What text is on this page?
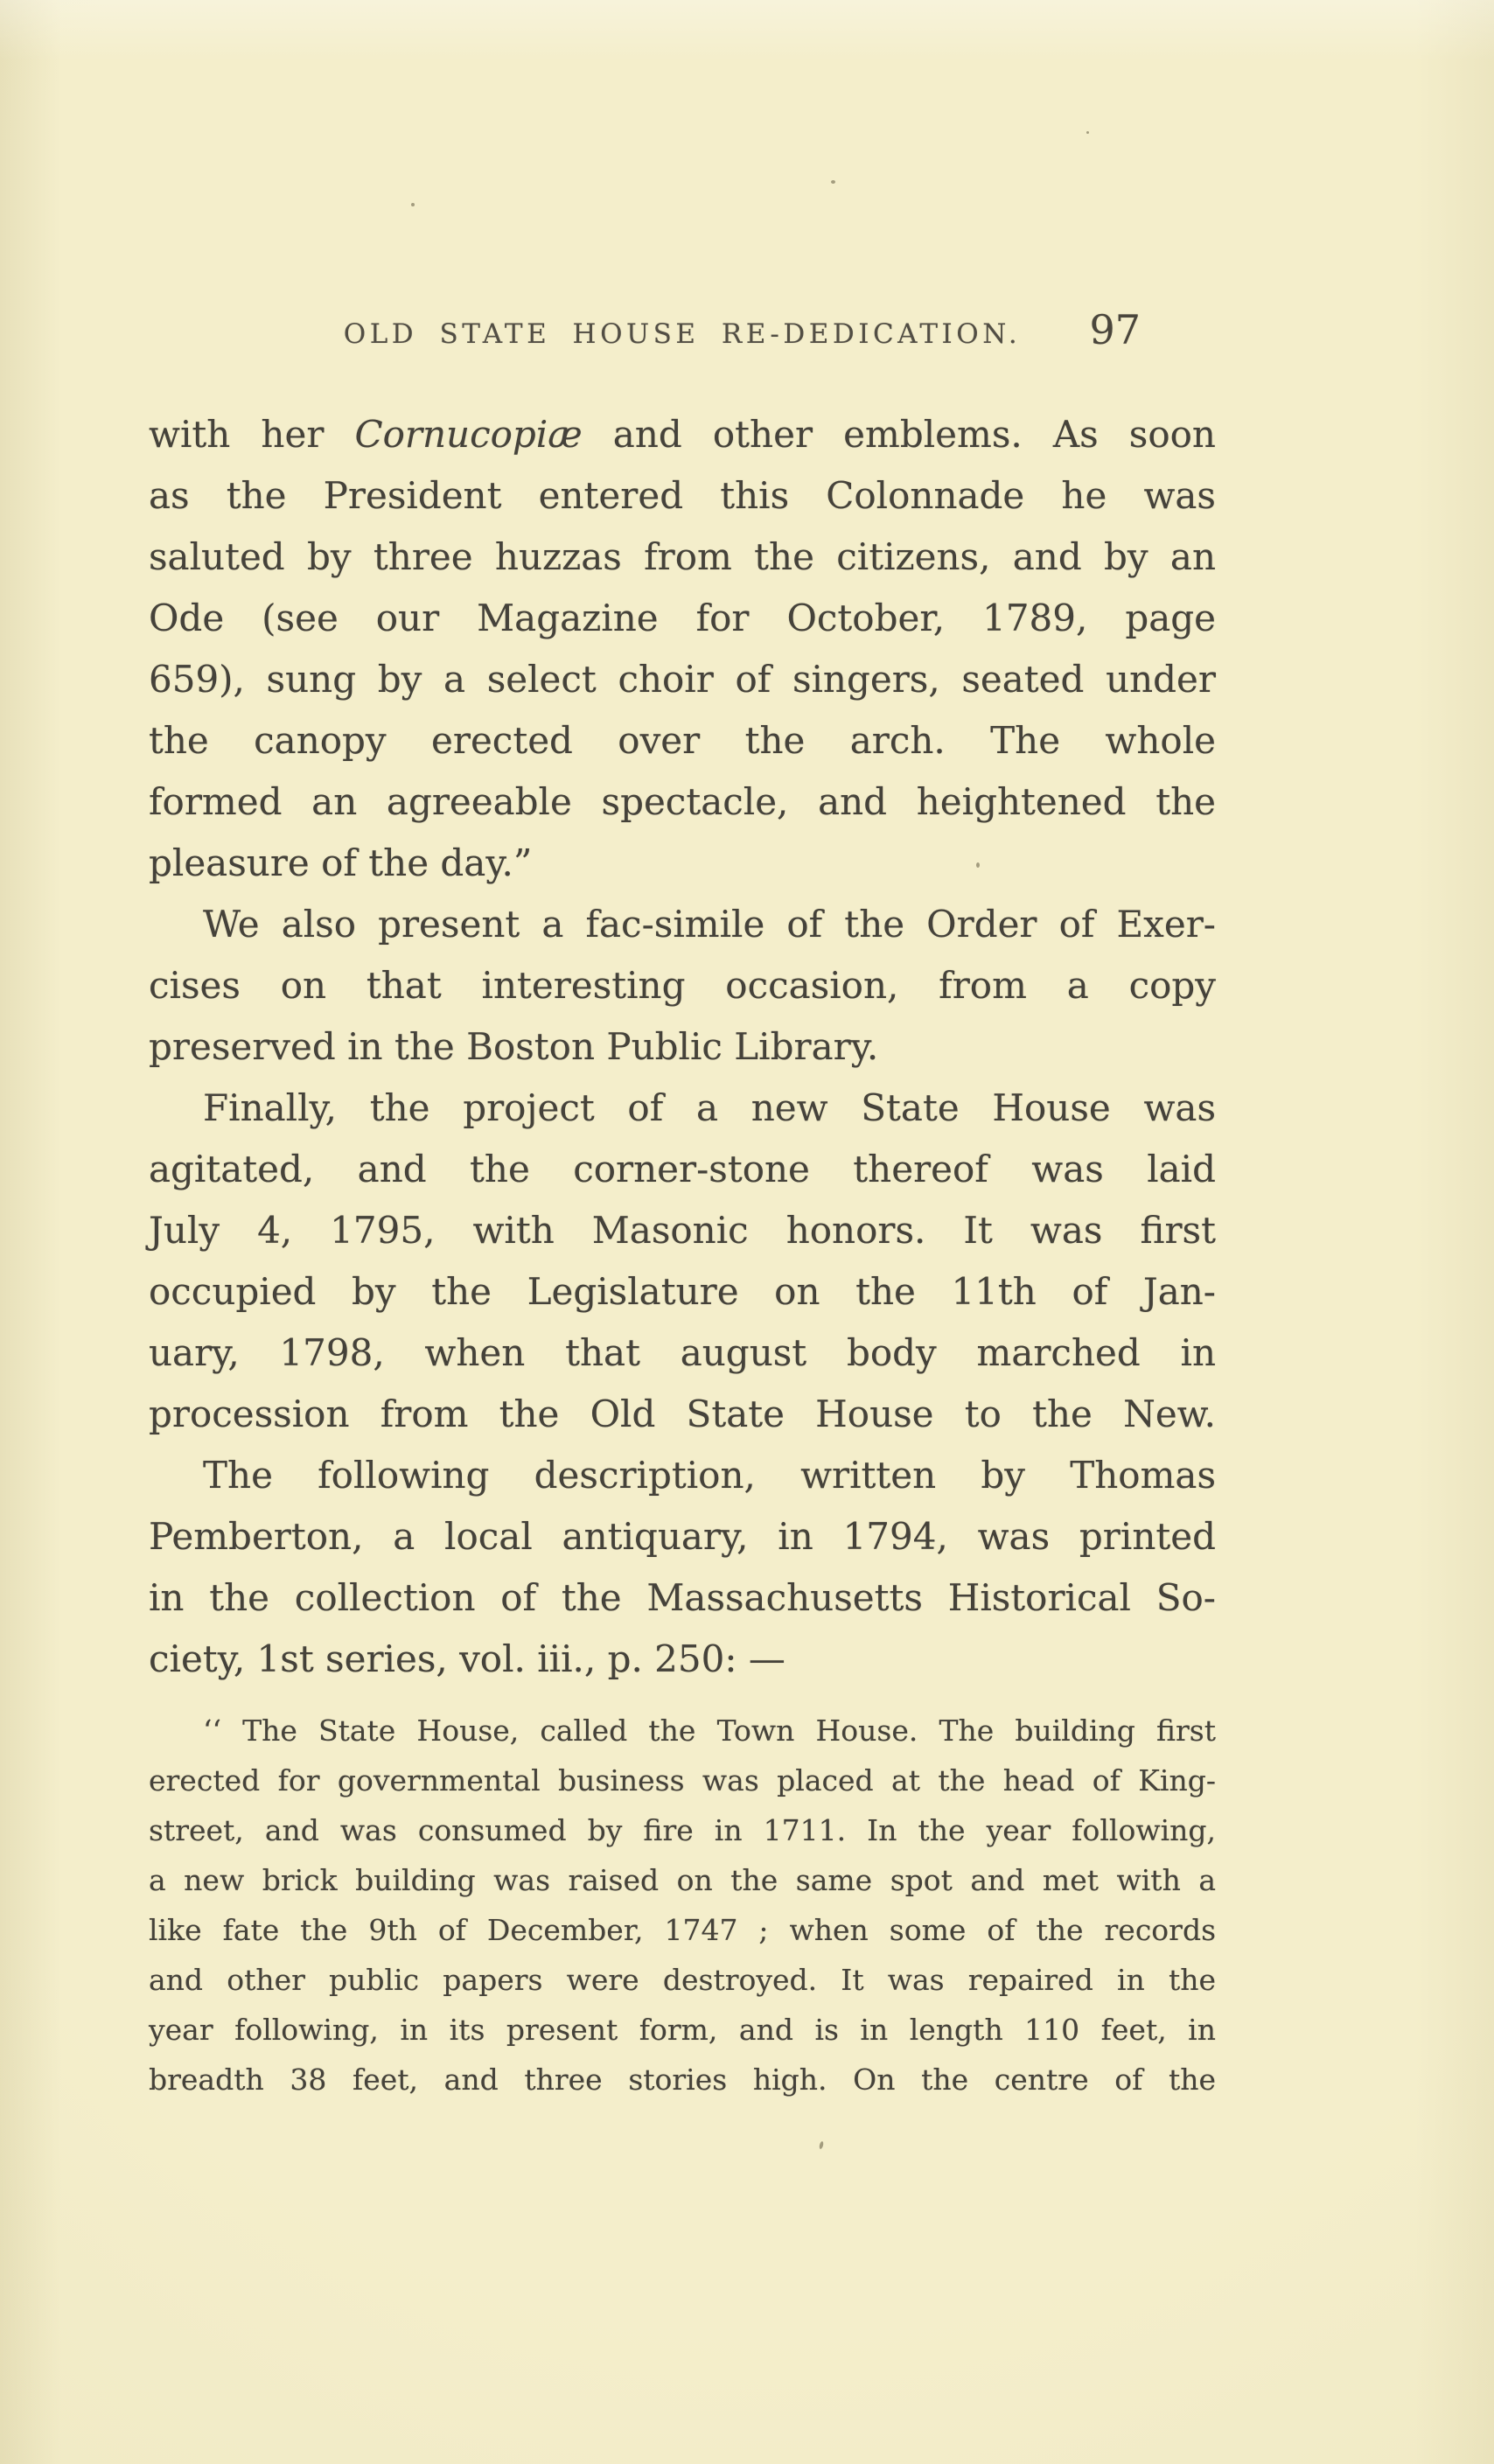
OLD STATE HOUSE RE-DEDICATION.	97
with her Cornucopiæ and other emblems. As soon
as the President entered this Colonnade he was
saluted by three huzzas from the citizens, and by an
Ode (see our Magazine for October, 1789, page
659), sung by a select choir of singers, seated under
the canopy erected over the arch. The whole
formed an agreeable spectacle, and heightened the
pleasure of the day.”
We also present a fac-simile of the Order of Exer-
cises on that interesting occasion, from a copy
preserved in the Boston Public Library.
Finally, the project of a new State House was
agitated, and the corner-stone thereof was laid
July 4, 1795, with Masonic honors. It was first
occupied by the Legislature on the 11th of Jan-
uary, 1798, when that august body marched in
procession from the Old State House to the New.
The following description, written by Thomas
Pemberton, a local antiquary, in 1794, was printed
in the collection of the Massachusetts Historical So-
ciety, 1st series, vol. iii., p. 250: —
‘‘ The State House, called the Town House. The building first
erected for governmental business was placed at the head of King-
street, and was consumed by fire in 1711. In the year following,
a new brick building was raised on the same spot and met with a
like fate the 9th of December, 1747 ; when some of the records
and other public papers were destroyed. It was repaired in the
year following, in its present form, and is in length 110 feet, in
breadth 38 feet, and three stories high. On the centre of the
